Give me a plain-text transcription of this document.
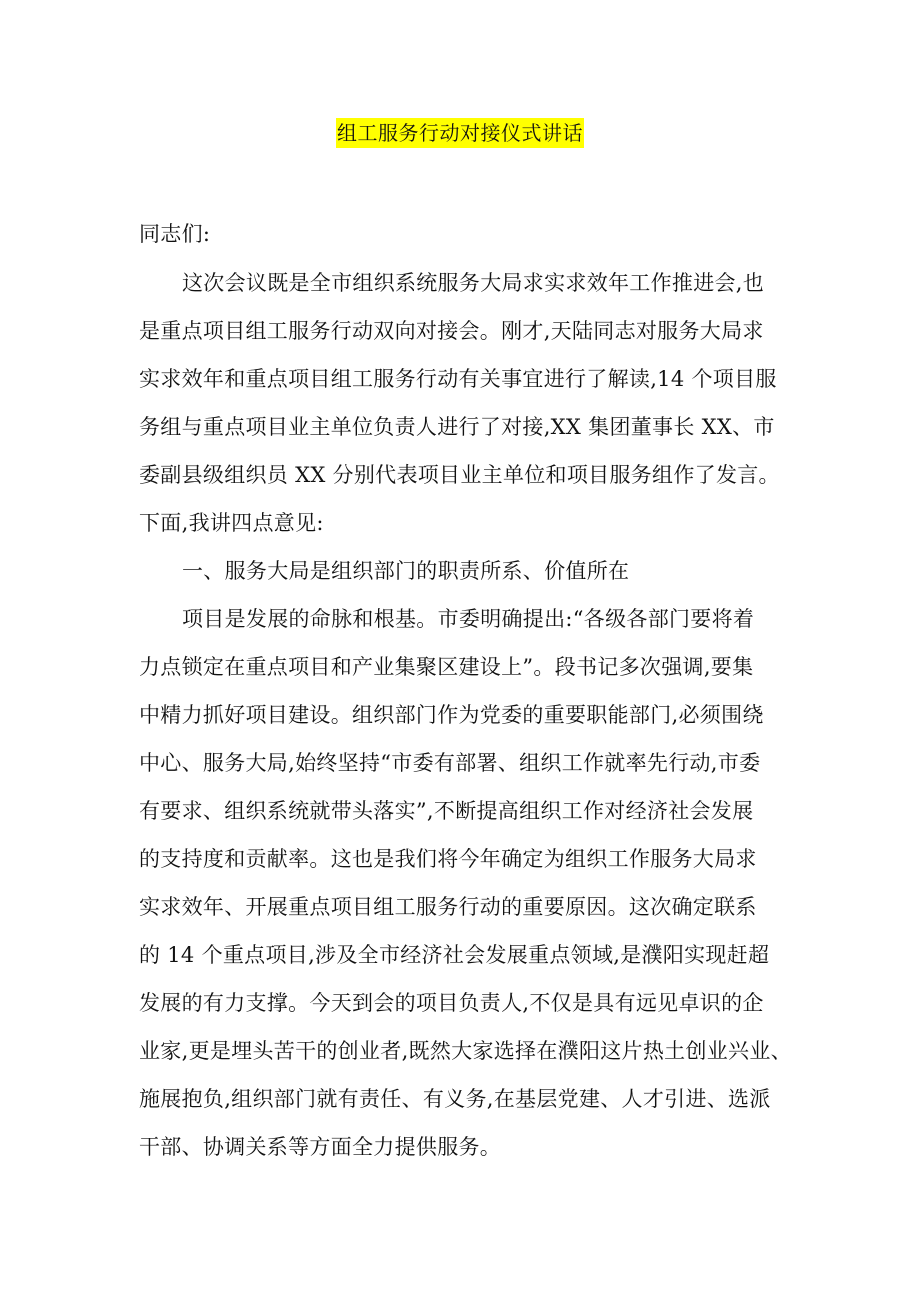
组工服务行动对接仪式讲话
同志们:
这次会议既是全市组织系统服务大局求实求效年工作推进会,也
是重点项目组工服务行动双向对接会。刚才,天陆同志对服务大局求
实求效年和重点项目组工服务行动有关事宜进行了解读,14 个项目服
务组与重点项目业主单位负责人进行了对接,XX 集团董事长 XX、市
委副县级组织员 XX 分别代表项目业主单位和项目服务组作了发言。
下面,我讲四点意见:
一、服务大局是组织部门的职责所系、价值所在
项目是发展的命脉和根基。市委明确提出:“各级各部门要将着
力点锁定在重点项目和产业集聚区建设上”。段书记多次强调,要集
中精力抓好项目建设。组织部门作为党委的重要职能部门,必须围绕
中心、服务大局,始终坚持“市委有部署、组织工作就率先行动,市委
有要求、组织系统就带头落实”,不断提高组织工作对经济社会发展
的支持度和贡献率。这也是我们将今年确定为组织工作服务大局求
实求效年、开展重点项目组工服务行动的重要原因。这次确定联系
的 14 个重点项目,涉及全市经济社会发展重点领域,是濮阳实现赶超
发展的有力支撑。今天到会的项目负责人,不仅是具有远见卓识的企
业家,更是埋头苦干的创业者,既然大家选择在濮阳这片热土创业兴业、
施展抱负,组织部门就有责任、有义务,在基层党建、人才引进、选派
干部、协调关系等方面全力提供服务。
